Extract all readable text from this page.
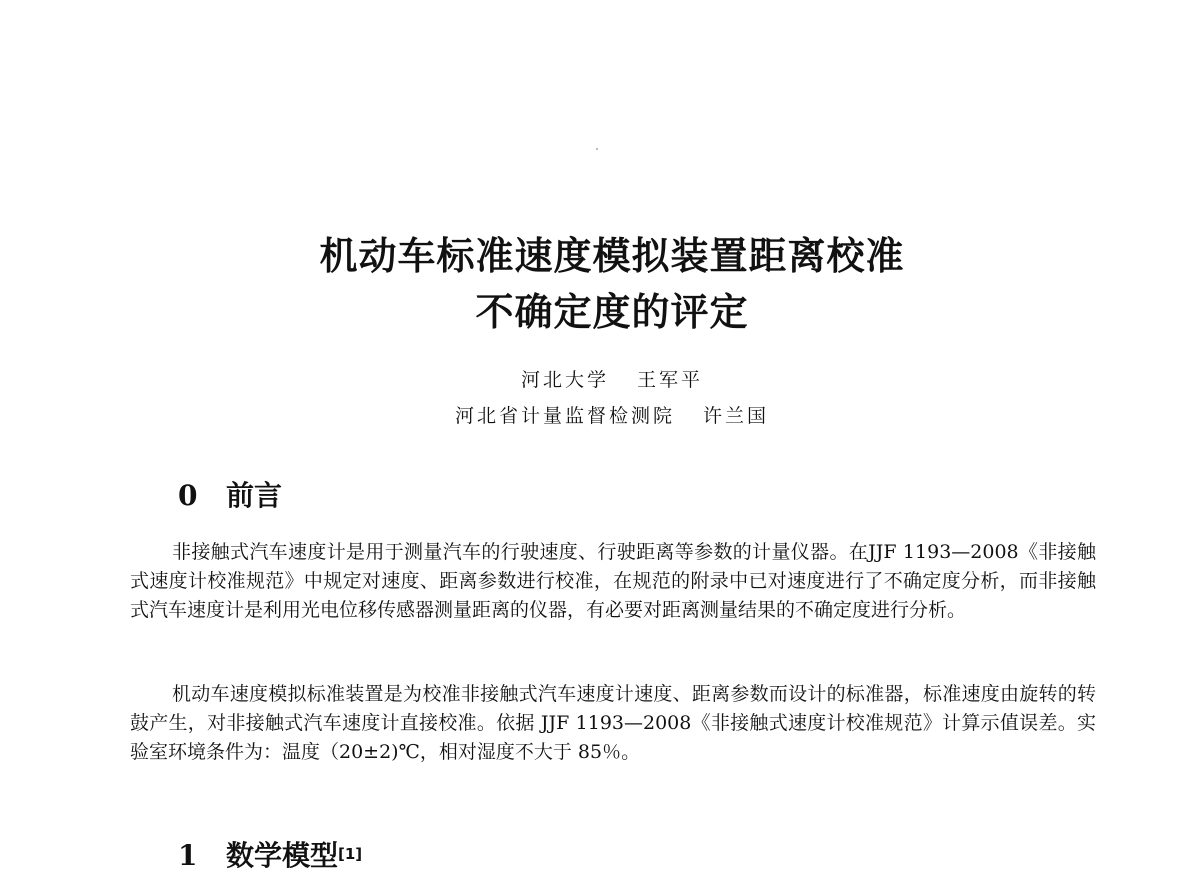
机动车标准速度模拟装置距离校准
不确定度的评定
河北大学 王军平
河北省计量监督检测院 许兰国
0 前言

非接触式汽车速度计是用于测量汽车的行驶速度、行驶距离等参数的计量仪器。在JJF 1193—2008《非接触式速度计校准规范》中规定对速度、距离参数进行校准，在规范的附录中已对速度进行了不确定度分析，而非接触式汽车速度计是利用光电位移传感器测量距离的仪器，有必要对距离测量结果的不确定度进行分析。

机动车速度模拟标准装置是为校准非接触式汽车速度计速度、距离参数而设计的标准器，标准速度由旋转的转鼓产生，对非接触式汽车速度计直接校准。依据 JJF 1193—2008《非接触式速度计校准规范》计算示值误差。实验室环境条件为：温度（20±2)℃，相对湿度不大于 85％。

1 数学模型[1]
